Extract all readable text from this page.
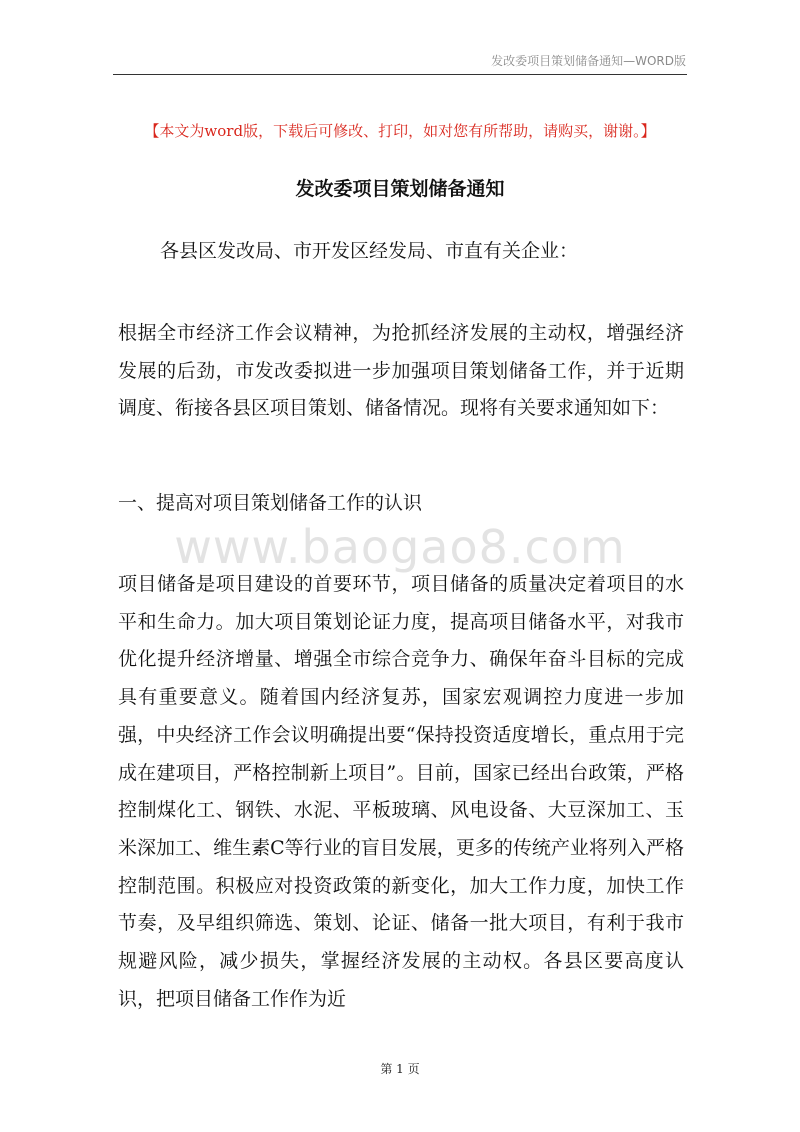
发改委项目策划储备通知—WORD版
【本文为word版，下载后可修改、打印，如对您有所帮助，请购买，谢谢。】
发改委项目策划储备通知
各县区发改局、市开发区经发局、市直有关企业：

根据全市经济工作会议精神，为抢抓经济发展的主动权，增强经济发展的后劲，市发改委拟进一步加强项目策划储备工作，并于近期调度、衔接各县区项目策划、储备情况。现将有关要求通知如下：

一、提高对项目策划储备工作的认识
www.baogao8.com

项目储备是项目建设的首要环节，项目储备的质量决定着项目的水平和生命力。加大项目策划论证力度，提高项目储备水平，对我市优化提升经济增量、增强全市综合竞争力、确保年奋斗目标的完成具有重要意义。随着国内经济复苏，国家宏观调控力度进一步加强，中央经济工作会议明确提出要“保持投资适度增长，重点用于完成在建项目，严格控制新上项目”。目前，国家已经出台政策，严格控制煤化工、钢铁、水泥、平板玻璃、风电设备、大豆深加工、玉米深加工、维生素C等行业的盲目发展，更多的传统产业将列入严格控制范围。积极应对投资政策的新变化，加大工作力度，加快工作节奏，及早组织筛选、策划、论证、储备一批大项目，有利于我市规避风险，减少损失，掌握经济发展的主动权。各县区要高度认识，把项目储备工作作为近

第 1 页
